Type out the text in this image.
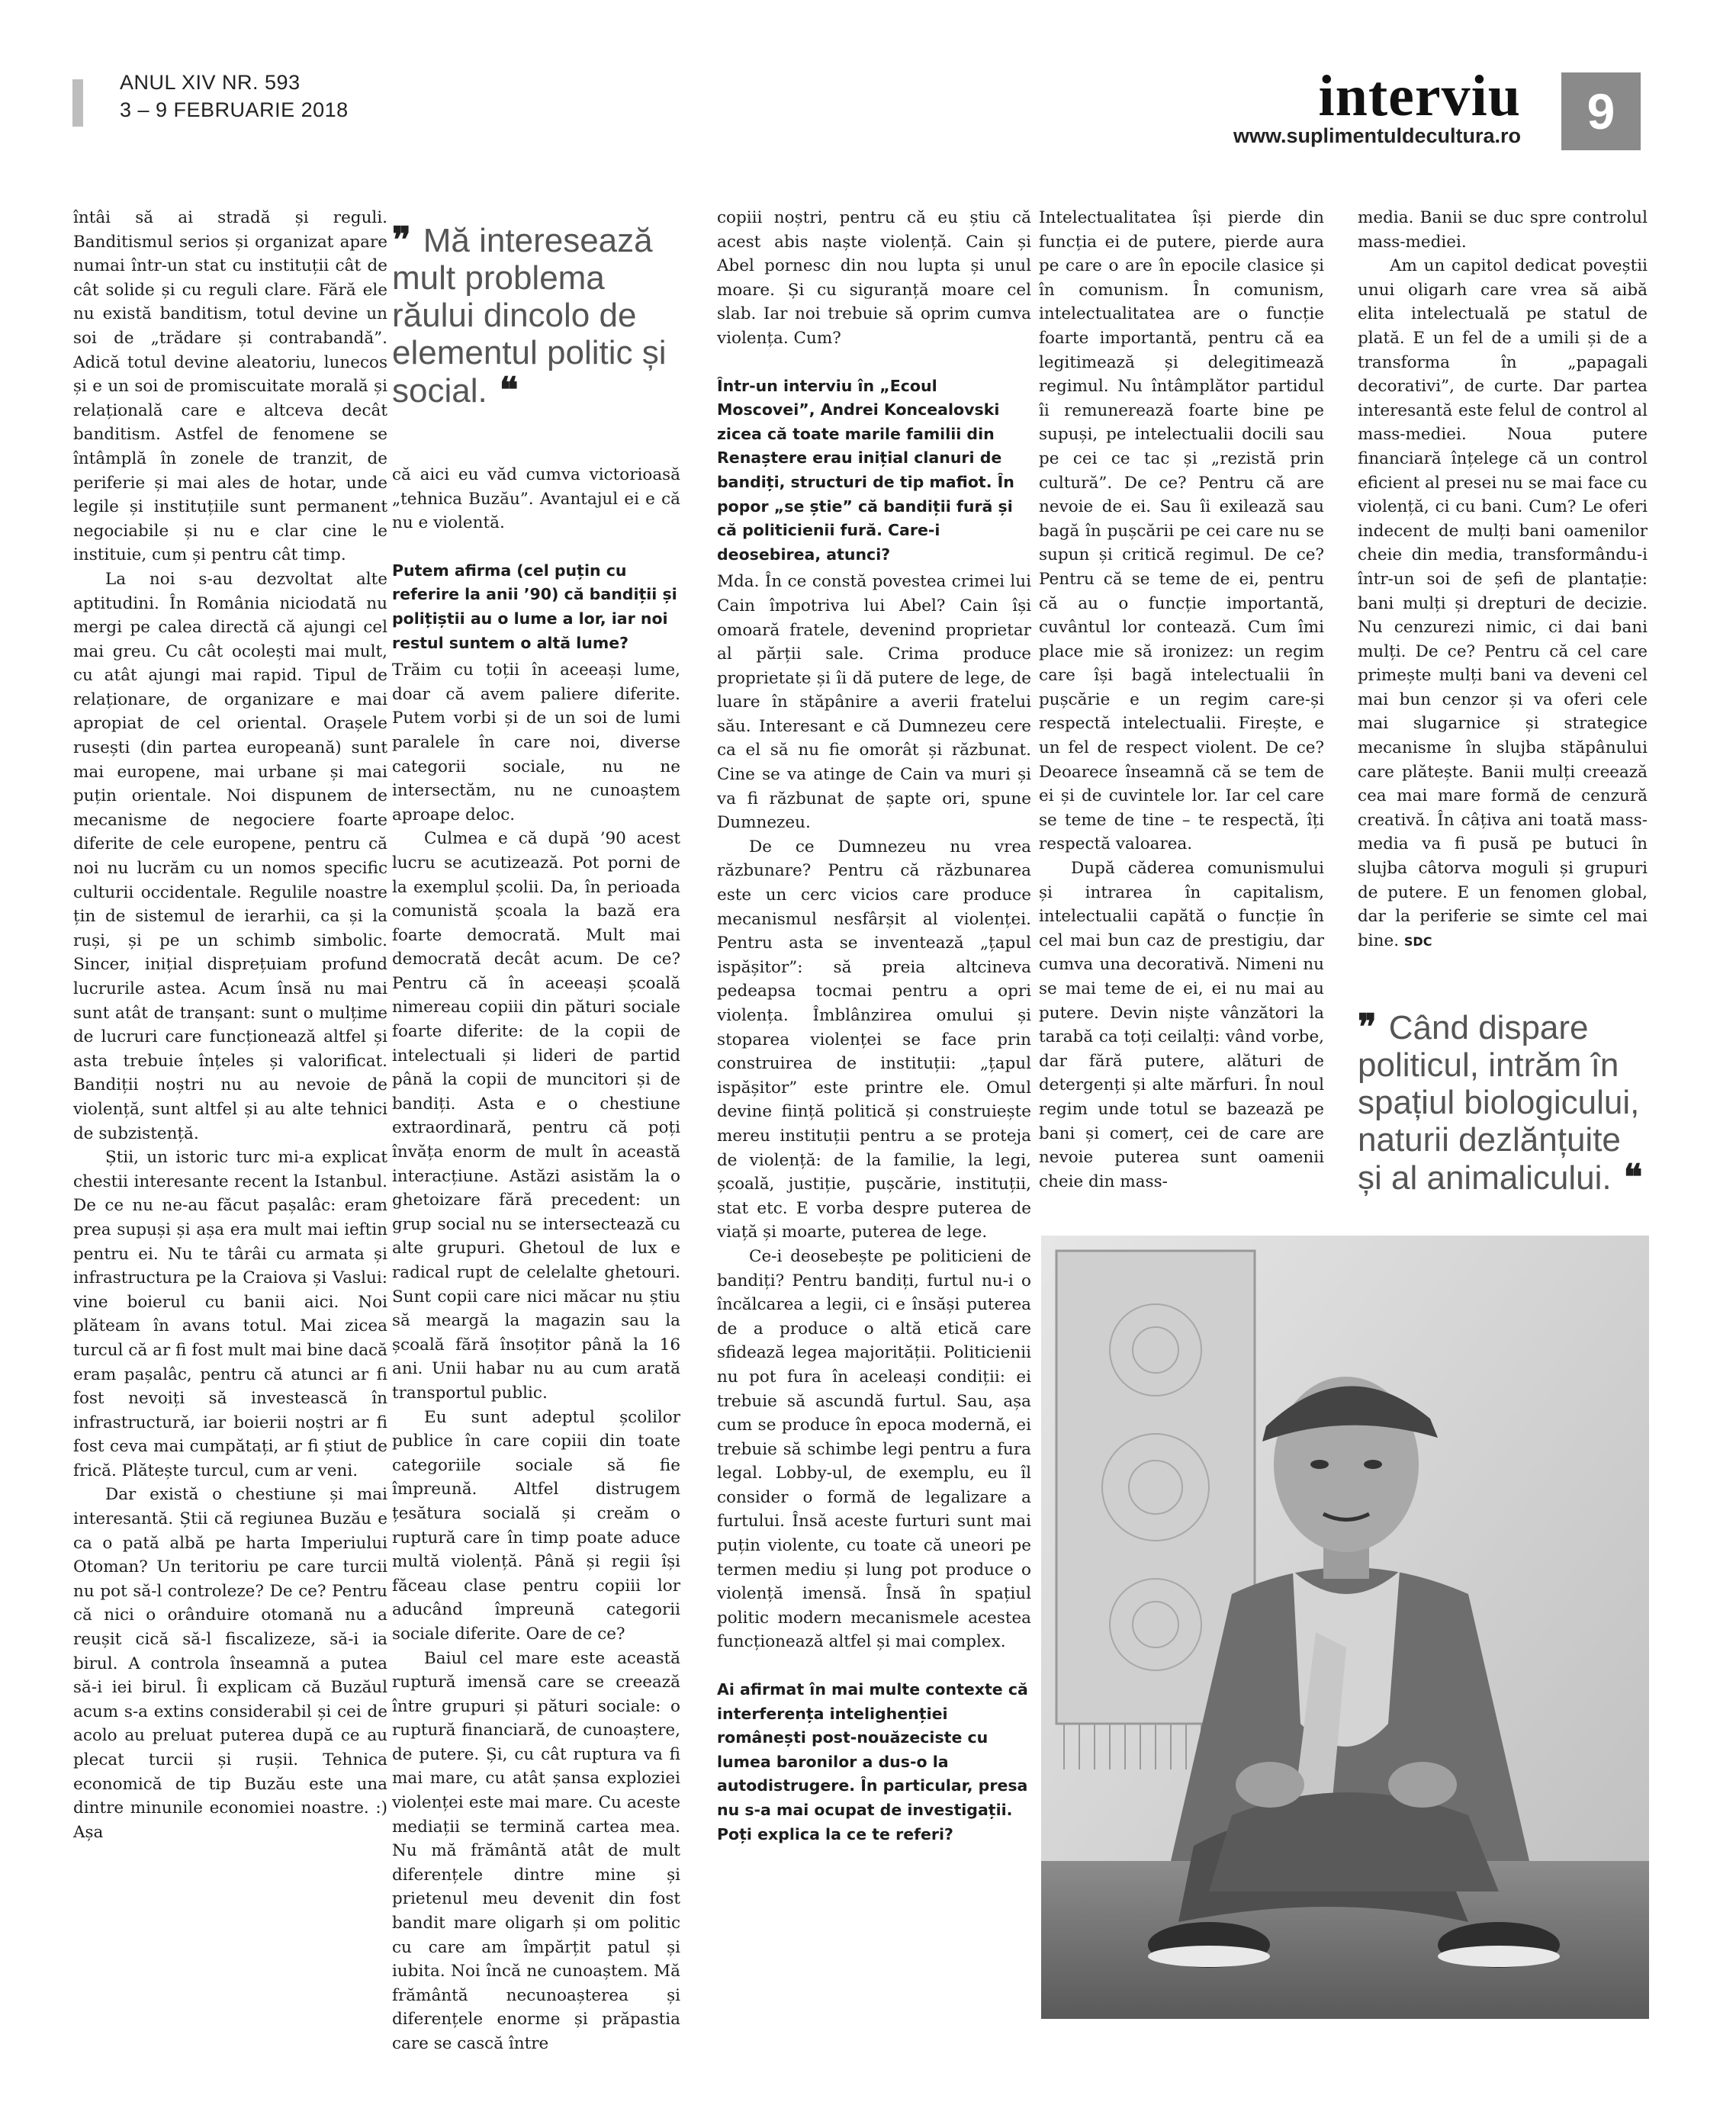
ANUL XIV NR. 593
3 – 9 FEBRUARIE 2018	interviu
www.suplimentuldecultura.ro	9

întâi să ai stradă și reguli. Banditismul serios și organizat apare numai într-un stat cu instituții cât de cât solide și cu reguli clare. Fără ele nu există banditism, totul devine un soi de „trădare și contrabandă”. Adică totul devine aleatoriu, lunecos și e un soi de promiscuitate morală și relațională care e altceva decât banditism. Astfel de fenomene se întâmplă în zonele de tranzit, de periferie și mai ales de hotar, unde legile și instituțiile sunt permanent negociabile și nu e clar cine le instituie, cum și pentru cât timp.

La noi s-au dezvoltat alte aptitudini. În România niciodată nu mergi pe calea directă că ajungi cel mai greu. Cu cât ocolești mai mult, cu atât ajungi mai rapid. Tipul de relaționare, de organizare e mai apropiat de cel oriental. Orașele rusești (din partea europeană) sunt mai europene, mai urbane și mai puțin orientale. Noi dispunem de mecanisme de negociere foarte diferite de cele europene, pentru că noi nu lucrăm cu un nomos specific culturii occidentale. Regulile noastre țin de sistemul de ierarhii, ca și la ruși, și pe un schimb simbolic. Sincer, inițial disprețuiam profund lucrurile astea. Acum însă nu mai sunt atât de tranșant: sunt o mulțime de lucruri care funcționează altfel și asta trebuie înțeles și valorificat. Bandiții noștri nu au nevoie de violență, sunt altfel și au alte tehnici de subzistență.

Știi, un istoric turc mi-a explicat chestii interesante recent la Istanbul. De ce nu ne-au făcut pașalâc: eram prea supuși și așa era mult mai ieftin pentru ei. Nu te târâi cu armata și infrastructura pe la Craiova și Vaslui: vine boierul cu banii aici. Noi plăteam în avans totul. Mai zicea turcul că ar fi fost mult mai bine dacă eram pașalâc, pentru că atunci ar fi fost nevoiți să investească în infrastructură, iar boierii noștri ar fi fost ceva mai cumpătați, ar fi știut de frică. Plătește turcul, cum ar veni.

Dar există o chestiune și mai interesantă. Știi că regiunea Buzău e ca o pată albă pe harta Imperiului Otoman? Un teritoriu pe care turcii nu pot să-l controleze? De ce? Pentru că nici o orânduire otomană nu a reușit cică să-l fiscalizeze, să-i ia birul. A controla înseamnă a putea să-i iei birul. Îi explicam că Buzăul acum s-a extins considerabil și cei de acolo au preluat puterea după ce au plecat turcii și rușii. Tehnica economică de tip Buzău este una dintre minunile economiei noastre. :) Așa

❞ Mă interesează mult problema răului dincolo de elementul politic și social. ❝

că aici eu văd cumva victorioasă „tehnica Buzău”. Avantajul ei e că nu e violentă.

Putem afirma (cel puțin cu referire la anii ’90) că bandiții și polițiștii au o lume a lor, iar noi restul suntem o altă lume?

Trăim cu toții în aceeași lume, doar că avem paliere diferite. Putem vorbi și de un soi de lumi paralele în care noi, diverse categorii sociale, nu ne intersectăm, nu ne cunoaștem aproape deloc.

Culmea e că după ’90 acest lucru se acutizează. Pot porni de la exemplul școlii. Da, în perioada comunistă școala la bază era foarte democrată. Mult mai democrată decât acum. De ce? Pentru că în aceeași școală nimereau copiii din pături sociale foarte diferite: de la copii de intelectuali și lideri de partid până la copii de muncitori și de bandiți. Asta e o chestiune extraordinară, pentru că poți învăța enorm de mult în această interacțiune. Astăzi asistăm la o ghetoizare fără precedent: un grup social nu se intersectează cu alte grupuri. Ghetoul de lux e radical rupt de celelalte ghetouri. Sunt copii care nici măcar nu știu să meargă la magazin sau la școală fără însoțitor până la 16 ani. Unii habar nu au cum arată transportul public.

Eu sunt adeptul școlilor publice în care copiii din toate categoriile sociale să fie împreună. Altfel distrugem țesătura socială și creăm o ruptură care în timp poate aduce multă violență. Până și regii își făceau clase pentru copiii lor aducând împreună categorii sociale diferite. Oare de ce?

Baiul cel mare este această ruptură imensă care se creează între grupuri și pături sociale: o ruptură financiară, de cunoaștere, de putere. Și, cu cât ruptura va fi mai mare, cu atât șansa exploziei violenței este mai mare. Cu aceste mediații se termină cartea mea. Nu mă frământă atât de mult diferențele dintre mine și prietenul meu devenit din fost bandit mare oligarh și om politic cu care am împărțit patul și iubita. Noi încă ne cunoaștem. Mă frământă necunoașterea și diferențele enorme și prăpastia care se cască între

copiii noștri, pentru că eu știu că acest abis naște violență. Cain și Abel pornesc din nou lupta și unul moare. Și cu siguranță moare cel slab. Iar noi trebuie să oprim cumva violența. Cum?

Într-un interviu în „Ecoul Moscovei”, Andrei Koncealovski zicea că toate marile familii din Renaștere erau inițial clanuri de bandiți, structuri de tip mafiot. În popor „se știe” că bandiții fură și că politicienii fură. Care-i deosebirea, atunci?

Mda. În ce constă povestea crimei lui Cain împotriva lui Abel? Cain își omoară fratele, devenind proprietar al părții sale. Crima produce proprietate și îi dă putere de lege, de luare în stăpânire a averii fratelui său. Interesant e că Dumnezeu cere ca el să nu fie omorât și răzbunat. Cine se va atinge de Cain va muri și va fi răzbunat de șapte ori, spune Dumnezeu.

De ce Dumnezeu nu vrea răzbunare? Pentru că răzbunarea este un cerc vicios care produce mecanismul nesfârșit al violenței. Pentru asta se inventează „țapul ispășitor”: să preia altcineva pedeapsa tocmai pentru a opri violența. Îmblânzirea omului și stoparea violenței se face prin construirea de instituții: „țapul ispășitor” este printre ele. Omul devine ființă politică și construiește mereu instituții pentru a se proteja de violență: de la familie, la legi, școală, justiție, pușcărie, instituții, stat etc. E vorba despre puterea de viață și moarte, puterea de lege.

Ce-i deosebește pe politicieni de bandiți? Pentru bandiți, furtul nu-i o încălcarea a legii, ci e însăși puterea de a produce o altă etică care sfidează legea majorității. Politicienii nu pot fura în aceleași condiții: ei trebuie să ascundă furtul. Sau, așa cum se produce în epoca modernă, ei trebuie să schimbe legi pentru a fura legal. Lobby-ul, de exemplu, eu îl consider o formă de legalizare a furtului. Însă aceste furturi sunt mai puțin violente, cu toate că uneori pe termen mediu și lung pot produce o violență imensă. Însă în spațiul politic modern mecanismele acestea funcționează altfel și mai complex.

Ai afirmat în mai multe contexte că interferența intelighenției românești post-nouăzeciste cu lumea baronilor a dus-o la autodistrugere. În particular, presa nu s-a mai ocupat de investigații. Poți explica la ce te referi?

Intelectualitatea își pierde din funcția ei de putere, pierde aura pe care o are în epocile clasice și în comunism. În comunism, intelectualitatea are o funcție foarte importantă, pentru că ea legitimează și delegitimează regimul. Nu întâmplător partidul îi remunerează foarte bine pe supuși, pe intelectualii docili sau pe cei ce tac și „rezistă prin cultură”. De ce? Pentru că are nevoie de ei. Sau îi exilează sau bagă în pușcării pe cei care nu se supun și critică regimul. De ce? Pentru că se teme de ei, pentru că au o funcție importantă, cuvântul lor contează. Cum îmi place mie să ironizez: un regim care își bagă intelectualii în pușcărie e un regim care-și respectă intelectualii. Firește, e un fel de respect violent. De ce? Deoarece înseamnă că se tem de ei și de cuvintele lor. Iar cel care se teme de tine – te respectă, îți respectă valoarea.

După căderea comunismului și intrarea în capitalism, intelectualii capătă o funcție în cel mai bun caz de prestigiu, dar cumva una decorativă. Nimeni nu se mai teme de ei, ei nu mai au putere. Devin niște vânzători la tarabă ca toți ceilalți: vând vorbe, dar fără putere, alături de detergenți și alte mărfuri. În noul regim unde totul se bazează pe bani și comerț, cei de care are nevoie puterea sunt oamenii cheie din mass-

media. Banii se duc spre controlul mass-mediei.

Am un capitol dedicat poveștii unui oligarh care vrea să aibă elita intelectuală pe statul de plată. E un fel de a umili și de a transforma în „papagali decorativi”, de curte. Dar partea interesantă este felul de control al mass-mediei. Noua putere financiară înțelege că un control eficient al presei nu se mai face cu violență, ci cu bani. Cum? Le oferi indecent de mulți bani oamenilor cheie din media, transformându-i într-un soi de șefi de plantație: bani mulți și drepturi de decizie. Nu cenzurezi nimic, ci dai bani mulți. De ce? Pentru că cel care primește mulți bani va deveni cel mai bun cenzor și va oferi cele mai slugarnice și strategice mecanisme în slujba stăpânului care plătește. Banii mulți creează cea mai mare formă de cenzură creativă. În câțiva ani toată mass-media va fi pusă pe butuci în slujba câtorva moguli și grupuri de putere. E un fenomen global, dar la periferie se simte cel mai bine. SDC

❞ Când dispare politicul, intrăm în spațiul biologicului, naturii dezlănțuite și al animalicului. ❝
